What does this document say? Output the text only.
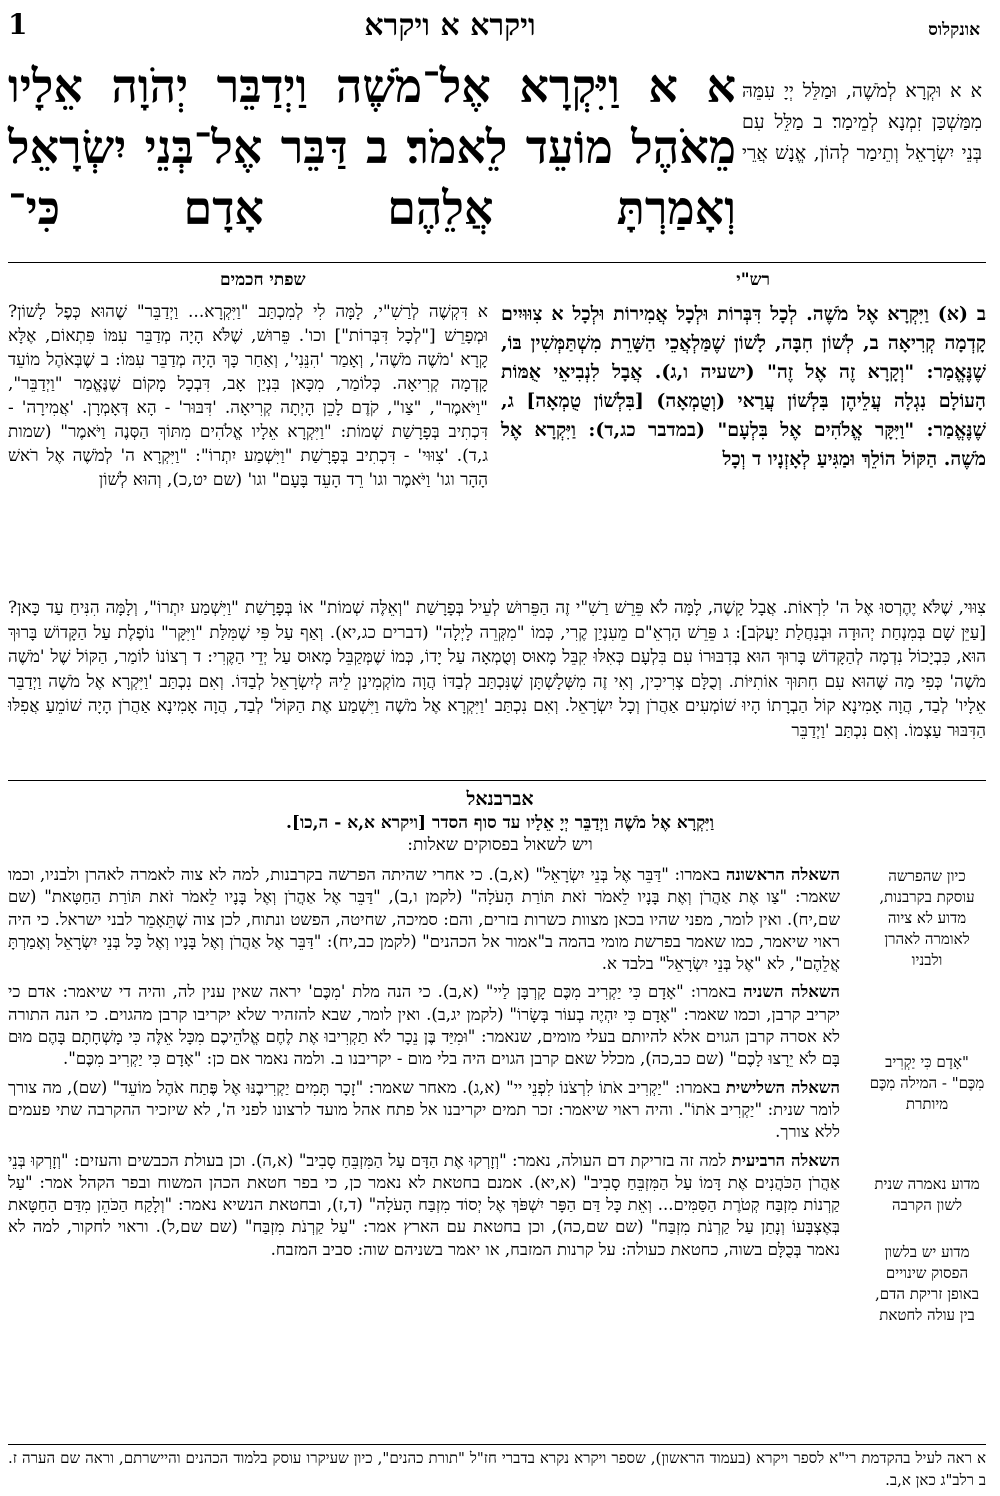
1	ויקרא א ויקרא	אונקלוס
א א וּקְרָא לְמֹשֶׁה, וּמַלֵּל יְיָ עִמֵּהּ מִמַּשְׁכַּן זִמְנָא לְמֵימַר׃ ב מַלֵּל עִם בְּנֵי יִשְׂרָאֵל וְתֵימַר לְהוֹן, אֱנָשׁ אֲרֵי
א א וַיִּקְרָא אֶל־מֹשֶׁה וַיְדַבֵּר יְהֹוָה אֵלָיו מֵאֹהֶל מוֹעֵד לֵאמֹר׃ ב דַּבֵּר אֶל־בְּנֵי יִשְׂרָאֵל וְאָמַרְתָּ אֲלֵהֶם אָדָם כִּי־
רש"י
שפתי חכמים
ב (א) וַיִּקְרָא אֶל מֹשֶׁה. לְכָל דִּבְּרוֹת וּלְכָל אֲמִירוֹת וּלְכָל א צִוּוּיִים קָדְמָה קְרִיאָה ב, לְשׁוֹן חִבָּה, לָשׁוֹן שֶׁמַּלְאֲכֵי הַשָּׁרֵת מִשְׁתַּמְּשִׁין בּוֹ, שֶׁנֶּאֱמַר: "וְקָרָא זֶה אֶל זֶה" (ישעיה ו,ג). אֲבָל לִנְבִיאֵי אֻמּוֹת הָעוֹלָם נִגְלָה עֲלֵיהֶן בִּלְשׁוֹן עֲרַאי (וְטֻמְאָה) [בִּלְשׁוֹן טֻמְאָה] ג, שֶׁנֶּאֱמַר: "וַיִּקָּר אֱלֹהִים אֶל בִּלְעָם" (במדבר כג,ד): וַיִּקְרָא אֶל מֹשֶׁה. הַקּוֹל הוֹלֵךְ וּמַגִּיעַ לְאָזְנָיו ד וְכָל
א דִּקְשֶׁה לְרַשִׁ"י, לָמָּה לִי לְמִכְתַּב "וַיִּקְרָא... וַיְדַבֵּר" שֶׁהוּא כְּפֶל לָשׁוֹן? וּמְפָרֵשׁ ["לְכָל דִּבְּרוֹת"] וכו'. פֵּרוּשׁ, שֶׁלֹּא הָיָה מְדַבֵּר עִמּוֹ פִּתְאוֹם, אֶלָּא קָרָא 'מֹשֶׁה מֹשֶׁה', וְאָמַר 'הִנֵּנִי', וְאַחַר כָּךְ הָיָה מְדַבֵּר עִמּוֹ: ב שֶׁבְּאֹהֶל מוֹעֵד קָדְמָה קְרִיאָה. כְּלוֹמַר, מִכָּאן בִּנְיַן אָב, דִּבְכָל מָקוֹם שֶׁנֶּאֱמַר "וַיְדַבֵּר", "וַיֹּאמֶר", "צַו", קֹדֶם לָכֵן הָיְתָה קְרִיאָה. 'דִּבּוּר' - הָא דְּאָמְרָן. 'אֲמִירָה' - דִּכְתִיב בְּפָרָשַׁת שְׁמוֹת: "וַיִּקְרָא אֵלָיו אֱלֹהִים מִתּוֹךְ הַסְּנֶה וַיֹּאמֶר" (שמות ג,ד). 'צִוּוּי' - דִּכְתִיב בְּפָרָשַׁת "וַיִּשְׁמַע יִתְרוֹ": "וַיִּקְרָא ה' לְמֹשֶׁה אֶל רֹאשׁ הָהָר וגו' וַיֹּאמֶר וגו' רֵד הָעֵד בָּעָם" וגו' (שם יט,כ), וְהוּא לְשׁוֹן
צִוּוּי, שֶׁלֹּא יֶהֶרְסוּ אֶל ה' לִרְאוֹת. אֲבָל קָשֶׁה, לָמָּה לֹא פֵּרֵשׁ רַשִׁ"י זֶה הַפֵּרוּשׁ לְעֵיל בְּפָרָשַׁת "וְאֵלֶּה שְׁמוֹת" אוֹ בְּפָרָשַׁת "וַיִּשְׁמַע יִתְרוֹ", וְלָמָּה הִנִּיחַ עַד כָּאן? [עַיֵּן שָׁם בְּמִנְחַת יְהוּדָה וּבְנַחֲלַת יַעֲקֹב]: ג פֵּרֵשׁ הָרְאֵ"ם מֵעִנְיַן קֶרִי, כְּמוֹ "מִקְּרֵה לָיְלָה" (דברים כג,יא). וְאַף עַל פִּי שֶׁמִּלַּת "וַיִּקָּר" נוֹפֶלֶת עַל הַקָּדוֹשׁ בָּרוּךְ הוּא, כִּבְיָכוֹל נִדְמָה לְהַקָּדוֹשׁ בָּרוּךְ הוּא בְּדִבּוּרוֹ עִם בִּלְעָם כְּאִלּוּ קִבֵּל מָאוּס וְטֻמְאָה עַל יָדוֹ, כְּמוֹ שֶׁמְּקַבֵּל מָאוּס עַל יְדֵי הַקֶּרִי: ד רְצוֹנוֹ לוֹמַר, הַקּוֹל שֶׁל 'מֹשֶׁה מֹשֶׁה' כְּפִי מַה שֶּׁהוּא עִם חִתּוּךְ אוֹתִיּוֹת. וְכֻלָּם צְרִיכִין, וְאִי זֶה מִשְּׁלָשְׁתָּן שֶׁנִּכְתַּב לְבַדּוֹ הֲוָה מוֹקְמִינַן לֵיהּ לְיִשְׂרָאֵל לְבַדּוֹ. וְאִם נִכְתַּב 'וַיִּקְרָא אֶל מֹשֶׁה וַיְדַבֵּר אֵלָיו' לְבַד, הֲוָה אָמִינָא קוֹל הַבְרָתוֹ הָיוּ שׁוֹמְעִים אַהֲרֹן וְכָל יִשְׂרָאֵל. וְאִם נִכְתַּב 'וַיִּקְרָא אֶל מֹשֶׁה וַיִּשְׁמַע אֶת הַקּוֹל' לְבַד, הֲוָה אָמִינָא אַהֲרֹן הָיָה שׁוֹמֵעַ אֲפִלּוּ הַדִּבּוּר עַצְמוֹ. וְאִם נִכְתַּב 'וַיְדַבֵּר
אברבנאל
וַיִּקְרָא אֶל מֹשֶׁה וַיְדַבֵּר יְיָ אֵלָיו עד סוף הסדר [ויקרא א,א - ה,כו].
ויש לשאול בפסוקים שאלות:

השאלה הראשונה באמרו: "דַּבֵּר אֶל בְּנֵי יִשְׂרָאֵל" (א,ב). כי אחרי שהיתה הפרשה בקרבנות, למה לא צוה לאמרה לאהרן ולבניו, וכמו שאמר: "צַו אֶת אַהֲרֹן וְאֶת בָּנָיו לֵאמֹר זֹאת תּוֹרַת הָעֹלָה" (לקמן ו,ב), "דַּבֵּר אֶל אַהֲרֹן וְאֶל בָּנָיו לֵאמֹר זֹאת תּוֹרַת הַחַטָּאת" (שם שם,יח). ואין לומר, מפני שהיו בכאן מצוות כשרות בזרים, והם: סמיכה, שחיטה, הפשט ונתוח, לכן צוה שֶׁתֵּאָמֵר לבני ישראל. כי היה ראוי שיאמר, כמו שאמר בפרשת מומי בהמה ב"אמור אל הכהנים" (לקמן כב,יח): "דַּבֵּר אֶל אַהֲרֹן וְאֶל בָּנָיו וְאֶל כָּל בְּנֵי יִשְׂרָאֵל וְאָמַרְתָּ אֲלֵהֶם", לא "אֶל בְּנֵי יִשְׂרָאֵל" בלבד א.

השאלה השניה באמרו: "אָדָם כִּי יַקְרִיב מִכֶּם קָרְבָּן לַיי" (א,ב). כי הנה מלת 'מִכֶּם' יראה שאין ענין לה, והיה די שיאמר: אדם כי יקריב קרבן, וכמו שאמר: "אָדָם כִּי יִהְיֶה בְעוֹר בְּשָׂרוֹ" (לקמן יג,ב). ואין לומר, שבא להזהיר שלא יקריבו קרבן מהגוים. כי הנה התורה לא אסרה קרבן הגוים אלא להיותם בעלי מומים, שנאמר: "וּמִיַּד בֶּן נֵכָר לֹא תַקְרִיבוּ אֶת לֶחֶם אֱלֹהֵיכֶם מִכָּל אֵלֶּה כִּי מָשְׁחָתָם בָּהֶם מוּם בָּם לֹא יֵרָצוּ לָכֶם" (שם כב,כה), מכלל שאם קרבן הגוים היה בלי מום - יקריבנו ב. ולמה נאמר אם כן: "אָדָם כִּי יַקְרִיב מִכֶּם".

השאלה השלישית באמרו: "יַקְרִיב אֹתוֹ לִרְצֹנוֹ לִפְנֵי יי" (א,ג). מאחר שאמר: "זָכָר תָּמִים יַקְרִיבֶנּוּ אֶל פֶּתַח אֹהֶל מוֹעֵד" (שם), מה צורך לומר שנית: "יַקְרִיב אֹתוֹ". והיה ראוי שיאמר: זכר תמים יקריבנו אל פתח אהל מועד לרצונו לפני ה', לא שיזכיר ההקרבה שתי פעמים ללא צורך.

השאלה הרביעית למה זה בזריקת דם העולה, נאמר: "וְזָרְקוּ אֶת הַדָּם עַל הַמִּזְבֵּחַ סָבִיב" (א,ה). וכן בעולת הכבשים והעזים: "וְזָרְקוּ בְּנֵי אַהֲרֹן הַכֹּהֲנִים אֶת דָּמוֹ עַל הַמִּזְבֵּחַ סָבִיב" (א,יא). אמנם בחטאת לא נאמר כן, כי בפר חטאת הכהן המשוח ובפר הקהל אמר: "עַל קַרְנוֹת מִזְבַּח קְטֹרֶת הַסַּמִּים... וְאֵת כָּל דַּם הַפָּר יִשְׁפֹּךְ אֶל יְסוֹד מִזְבַּח הָעֹלָה" (ד,ז), ובחטאת הנשיא נאמר: "וְלָקַח הַכֹּהֵן מִדַּם הַחַטָּאת בְּאֶצְבָּעוֹ וְנָתַן עַל קַרְנֹת מִזְבַּח" (שם שם,כה), וכן בחטאת עם הארץ אמר: "עַל קַרְנֹת מִזְבַּח" (שם שם,ל). וראוי לחקור, למה לא נאמר בְּכֻלָּם בשוה, כחטאת כעולה: על קרנות המזבח, או יאמר בשניהם שוה: סביב המזבח.

כיון שהפרשה עוסקת בקרבנות, מדוע לא ציוה לאומרה לאהרן ולבניו
"אָדָם כִּי יַקְרִיב מִכֶּם" - המילה מִכֶּם מיותרת
מדוע נאמרה שנית לשון הקרבה
מדוע יש בלשון הפסוק שינויים באופן זריקת הדם, בין עולה לחטאת
א ראה לעיל בהקדמת רי"א לספר ויקרא (בעמוד הראשון), שספר ויקרא נקרא בדברי חז"ל "תורת כהנים", כיון שעיקרו עוסק בלמוד הכהנים והיישרתם, וראה שם הערה ז. ב רלב"ג כאן א,ב.
